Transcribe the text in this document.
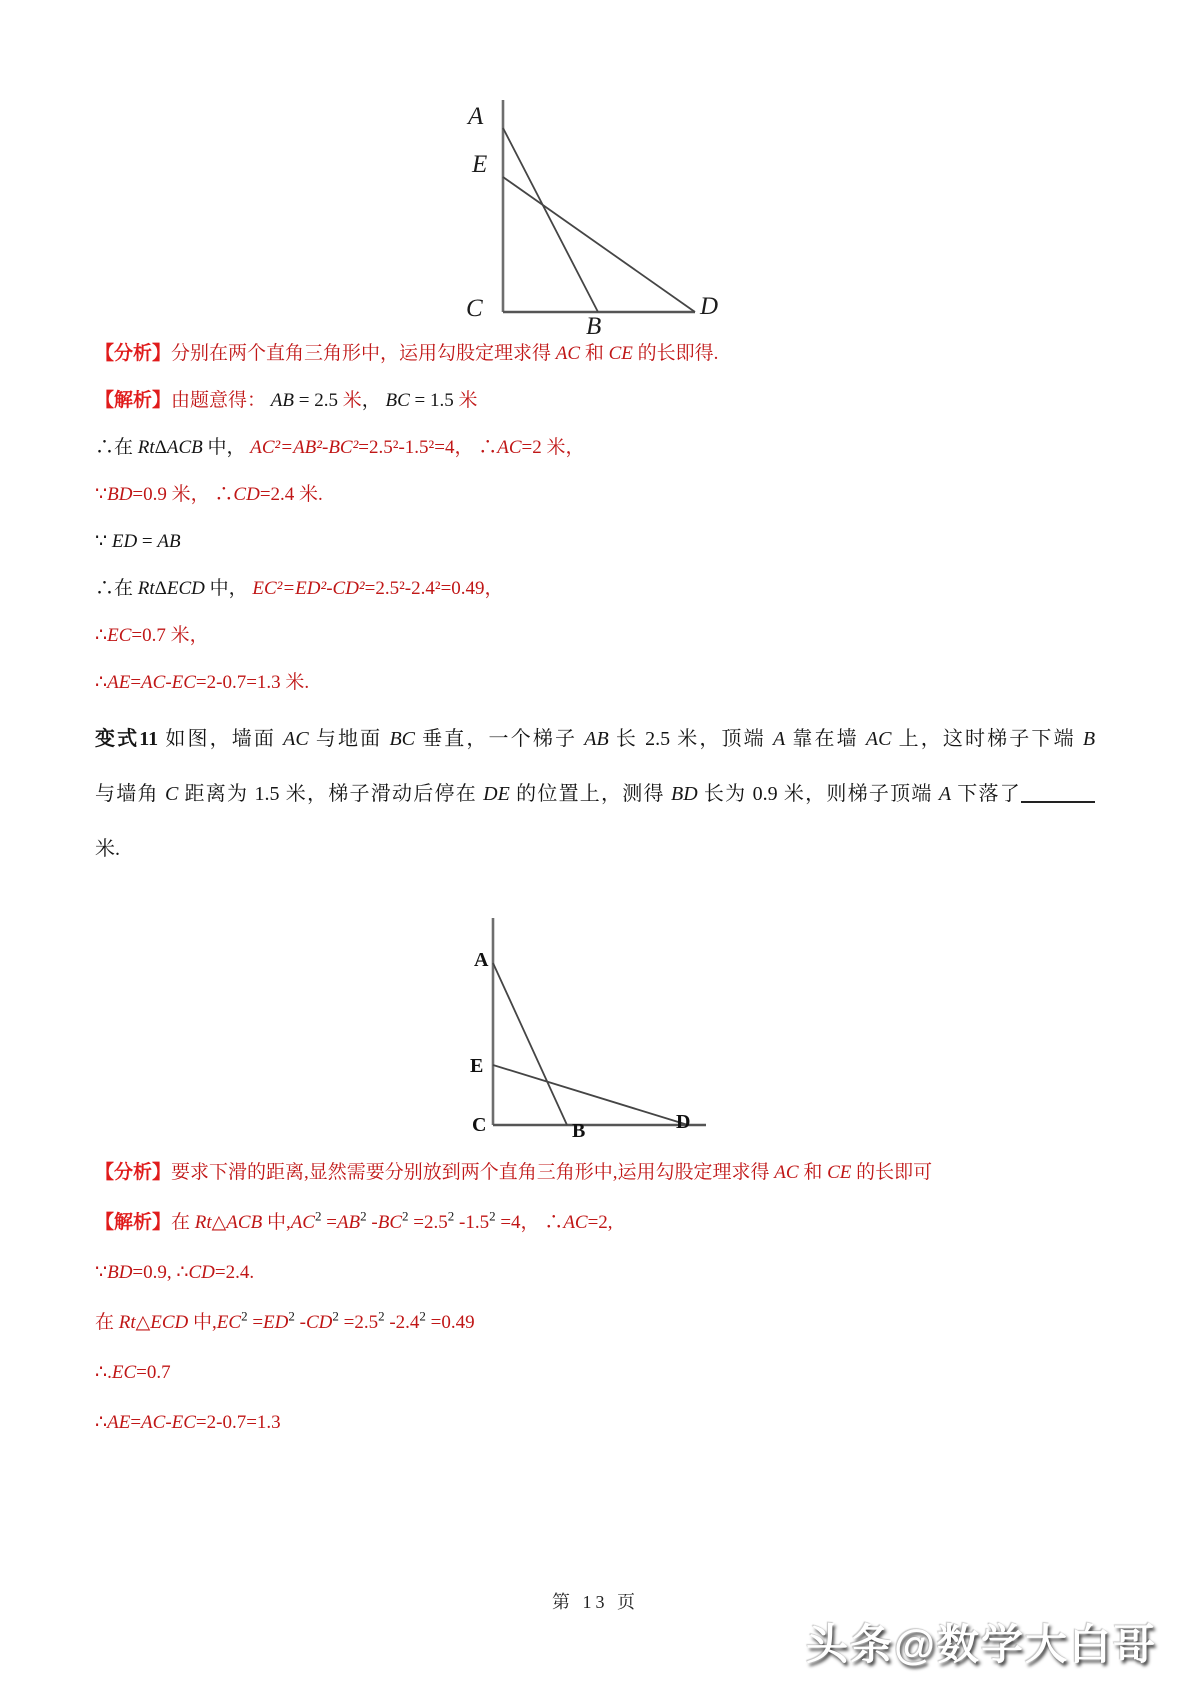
A
E
C
B
D
【分析】分别在两个直角三角形中，运用勾股定理求得 AC 和 CE 的长即得.
【解析】由题意得： AB = 2.5 米， BC = 1.5 米
∴在 RtΔACB 中， AC²=AB²-BC²=2.5²-1.5²=4， ∴AC=2 米，
∵BD=0.9 米， ∴CD=2.4 米.
∵ ED = AB
∴在 RtΔECD 中， EC²=ED²-CD²=2.5²-2.4²=0.49，
∴EC=0.7 米，
∴AE=AC-EC=2-0.7=1.3 米.
变式11 如图，墙面 AC 与地面 BC 垂直，一个梯子 AB 长 2.5 米，顶端 A 靠在墙 AC 上，这时梯子下端 B
与墙角 C 距离为 1.5 米，梯子滑动后停在 DE 的位置上，测得 BD 长为 0.9 米，则梯子顶端 A 下落了
米.
A
E
C	B	D
【分析】要求下滑的距离,显然需要分别放到两个直角三角形中,运用勾股定理求得 AC 和 CE 的长即可
【解析】在 Rt△ACB 中$,AC^2 =AB^2$ $-BC^2 =2.5^2$ $-1.5^2 =4$， ∴AC=2,
∵BD=0.9, ∴CD=2.4.
在 Rt△ECD 中$,EC^2 =ED^2$ $-CD^2 =2.5^2$ $-2.4^2 =0.49$
∴.EC=0.7
∴AE=AC-EC=2-0.7=1.3
第 13 页
头条@数学大白哥
